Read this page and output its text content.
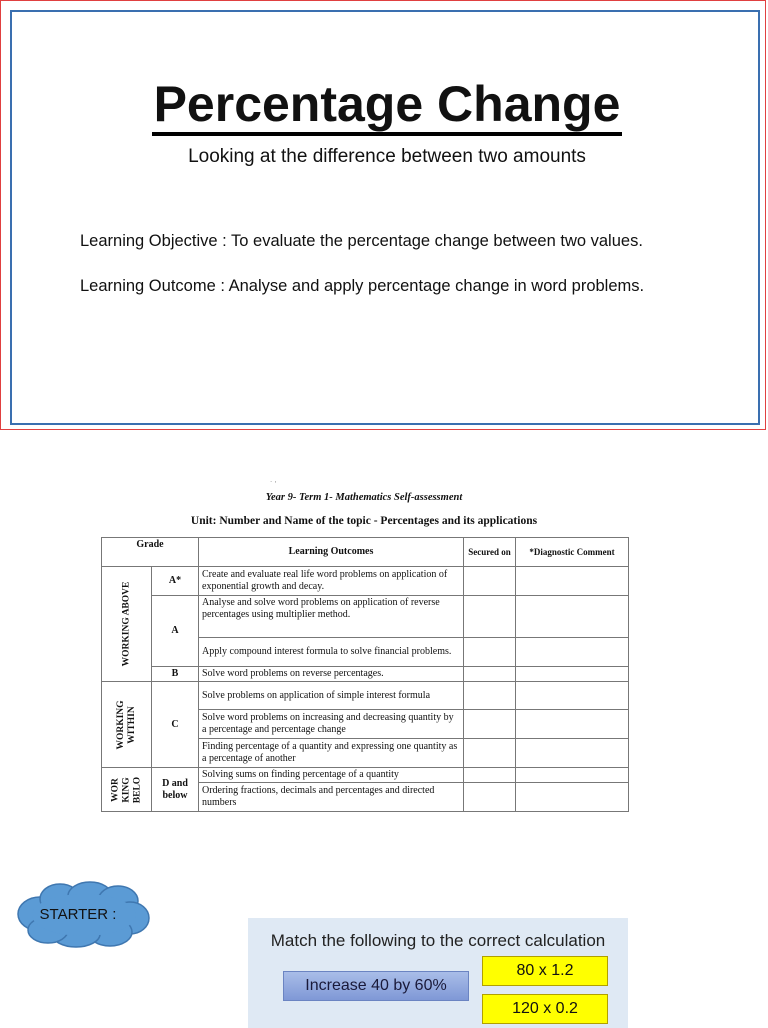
Percentage Change
Looking at the difference between two amounts
Learning Objective : To evaluate the percentage change between two values.
Learning Outcome : Analyse and apply percentage change in word problems.
. ,
Year 9- Term 1- Mathematics Self-assessment
Unit: Number and Name of the topic - Percentages and its applications
Grade		Learning Outcomes	Secured on	*Diagnostic Comment

WORKING ABOVE	A*	Create and evaluate real life word problems on application of exponential growth and decay.		
	A	Analyse and solve word problems on application of reverse percentages using multiplier method.		
		Apply compound interest formula to solve financial problems.		
	B	Solve word problems on reverse percentages.		

WORKING
WITHIN	C	Solve problems on application of simple interest formula		
		Solve word problems on increasing and decreasing quantity by a percentage and percentage change		
		Finding percentage of a quantity and expressing one quantity as a percentage of another		

WOR
KING
BELO	D and below	Solving sums on finding percentage of a quantity		
		Ordering fractions, decimals and percentages and directed numbers		
STARTER :
Match the following to the correct calculation
Increase 40 by 60%
80 x 1.2
120 x 0.2
